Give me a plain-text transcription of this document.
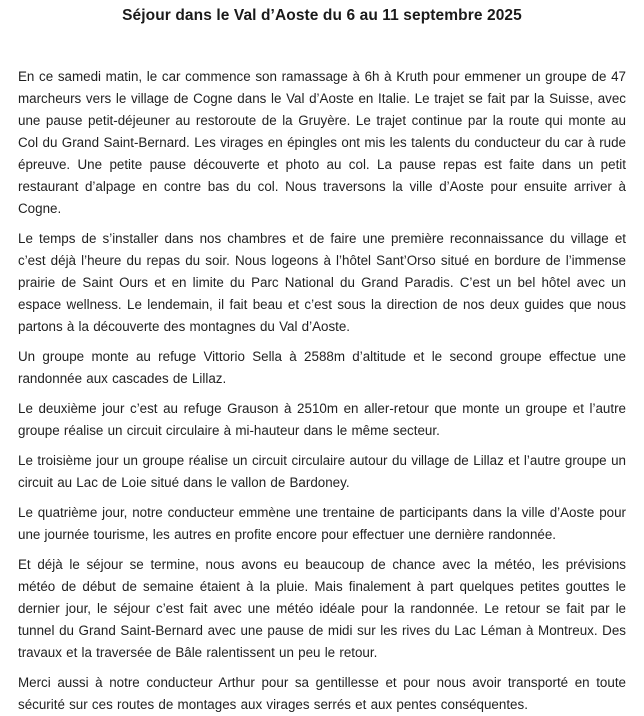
Séjour dans le Val d’Aoste du 6 au 11 septembre 2025

En ce samedi matin, le car commence son ramassage à 6h à Kruth pour emmener un groupe de 47 marcheurs vers le village de Cogne dans le Val d’Aoste en Italie. Le trajet se fait par la Suisse, avec une pause petit-déjeuner au restoroute de la Gruyère. Le trajet continue par la route qui monte au Col du Grand Saint-Bernard. Les virages en épingles ont mis les talents du conducteur du car à rude épreuve. Une petite pause découverte et photo au col. La pause repas est faite dans un petit restaurant d’alpage en contre bas du col. Nous traversons la ville d’Aoste pour ensuite arriver à Cogne.

Le temps de s’installer dans nos chambres et de faire une première reconnaissance du village et c’est déjà l’heure du repas du soir. Nous logeons à l’hôtel Sant’Orso situé en bordure de l’immense prairie de Saint Ours et en limite du Parc National du Grand Paradis. C’est un bel hôtel avec un espace wellness. Le lendemain, il fait beau et c’est sous la direction de nos deux guides que nous partons à la découverte des montagnes du Val d’Aoste.

Un groupe monte au refuge Vittorio Sella à 2588m d’altitude et le second groupe effectue une randonnée aux cascades de Lillaz.

Le deuxième jour c’est au refuge Grauson à 2510m en aller-retour que monte un groupe et l’autre groupe réalise un circuit circulaire à mi-hauteur dans le même secteur.

Le troisième jour un groupe réalise un circuit circulaire autour du village de Lillaz et l’autre groupe un circuit au Lac de Loie situé dans le vallon de Bardoney.

Le quatrième jour, notre conducteur emmène une trentaine de participants dans la ville d’Aoste pour une journée tourisme, les autres en profite encore pour effectuer une dernière randonnée.

Et déjà le séjour se termine, nous avons eu beaucoup de chance avec la météo, les prévisions météo de début de semaine étaient à la pluie. Mais finalement à part quelques petites gouttes le dernier jour, le séjour c’est fait avec une météo idéale pour la randonnée. Le retour se fait par le tunnel du Grand Saint-Bernard avec une pause de midi sur les rives du Lac Léman à Montreux. Des travaux et la traversée de Bâle ralentissent un peu le retour.

Merci aussi à notre conducteur Arthur pour sa gentillesse et pour nous avoir transporté en toute sécurité sur ces routes de montages aux virages serrés et aux pentes conséquentes.
